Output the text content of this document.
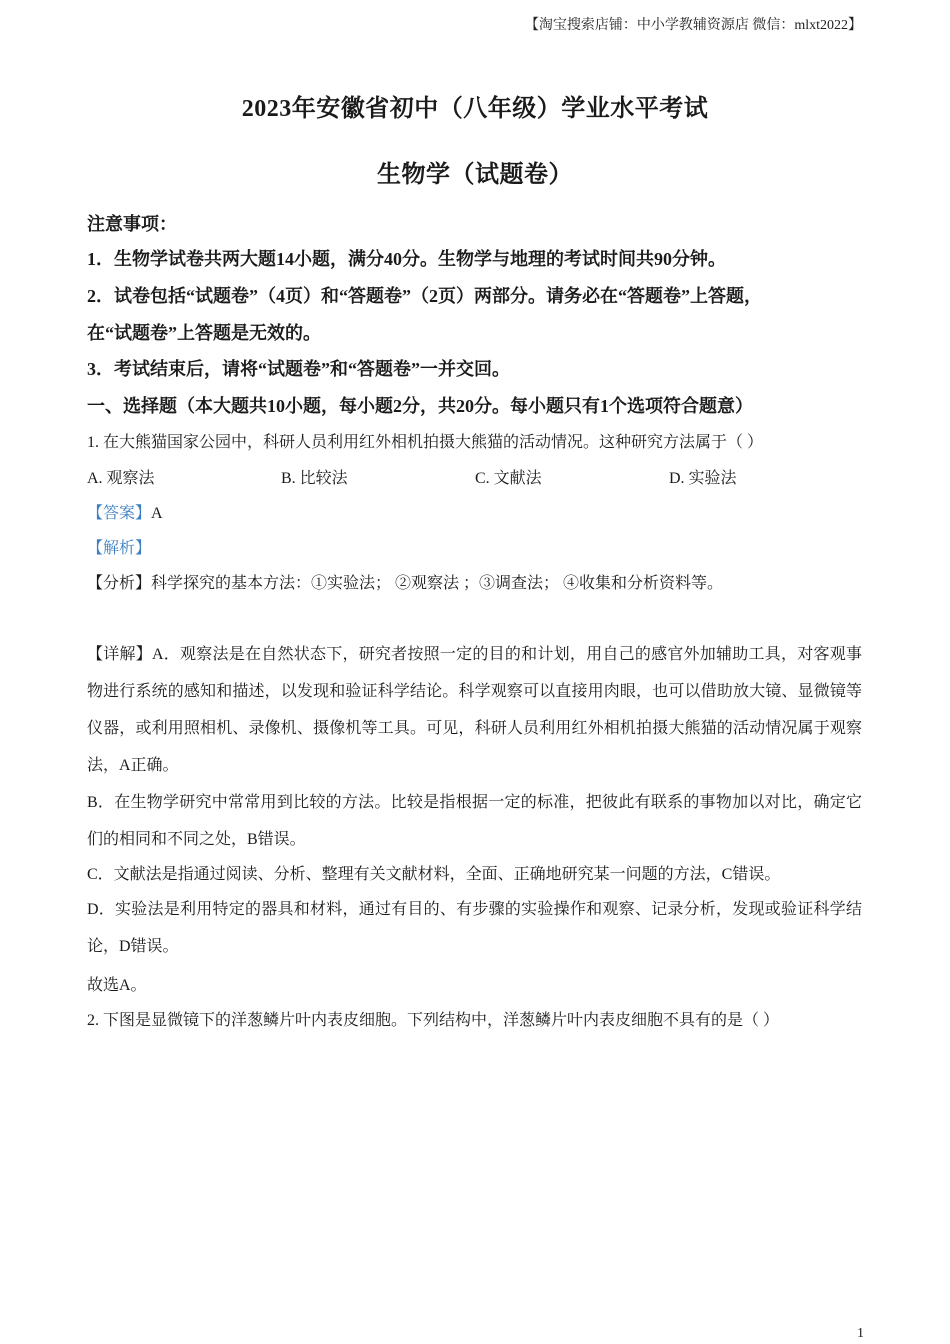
【淘宝搜索店铺：中小学教辅资源店 微信：mlxt2022】
2023年安徽省初中（八年级）学业水平考试
生物学（试题卷）
注意事项：
1．生物学试卷共两大题14小题，满分40分。生物学与地理的考试时间共90分钟。
2．试卷包括“试题卷”（4页）和“答题卷”（2页）两部分。请务必在“答题卷”上答题，
在“试题卷”上答题是无效的。
3．考试结束后，请将“试题卷”和“答题卷”一并交回。
一、选择题（本大题共10小题，每小题2分，共20分。每小题只有1个选项符合题意）
1. 在大熊猫国家公园中，科研人员利用红外相机拍摄大熊猫的活动情况。这种研究方法属于（ ）
A. 观察法	B. 比较法	C. 文献法	D. 实验法
【答案】A
【解析】
【分析】科学探究的基本方法：①实验法； ②观察法 ；③调查法； ④收集和分析资料等。
【详解】A．观察法是在自然状态下，研究者按照一定的目的和计划，用自己的感官外加辅助工具，对客观事物进行系统的感知和描述，以发现和验证科学结论。科学观察可以直接用肉眼，也可以借助放大镜、显微镜等仪器，或利用照相机、录像机、摄像机等工具。可见，科研人员利用红外相机拍摄大熊猫的活动情况属于观察法，A正确。
B．在生物学研究中常常用到比较的方法。比较是指根据一定的标准，把彼此有联系的事物加以对比，确定它们的相同和不同之处，B错误。
C．文献法是指通过阅读、分析、整理有关文献材料，全面、正确地研究某一问题的方法，C错误。
D．实验法是利用特定的器具和材料，通过有目的、有步骤的实验操作和观察、记录分析，发现或验证科学结论，D错误。
故选A。
2. 下图是显微镜下的洋葱鳞片叶内表皮细胞。下列结构中，洋葱鳞片叶内表皮细胞不具有的是（ ）
1
